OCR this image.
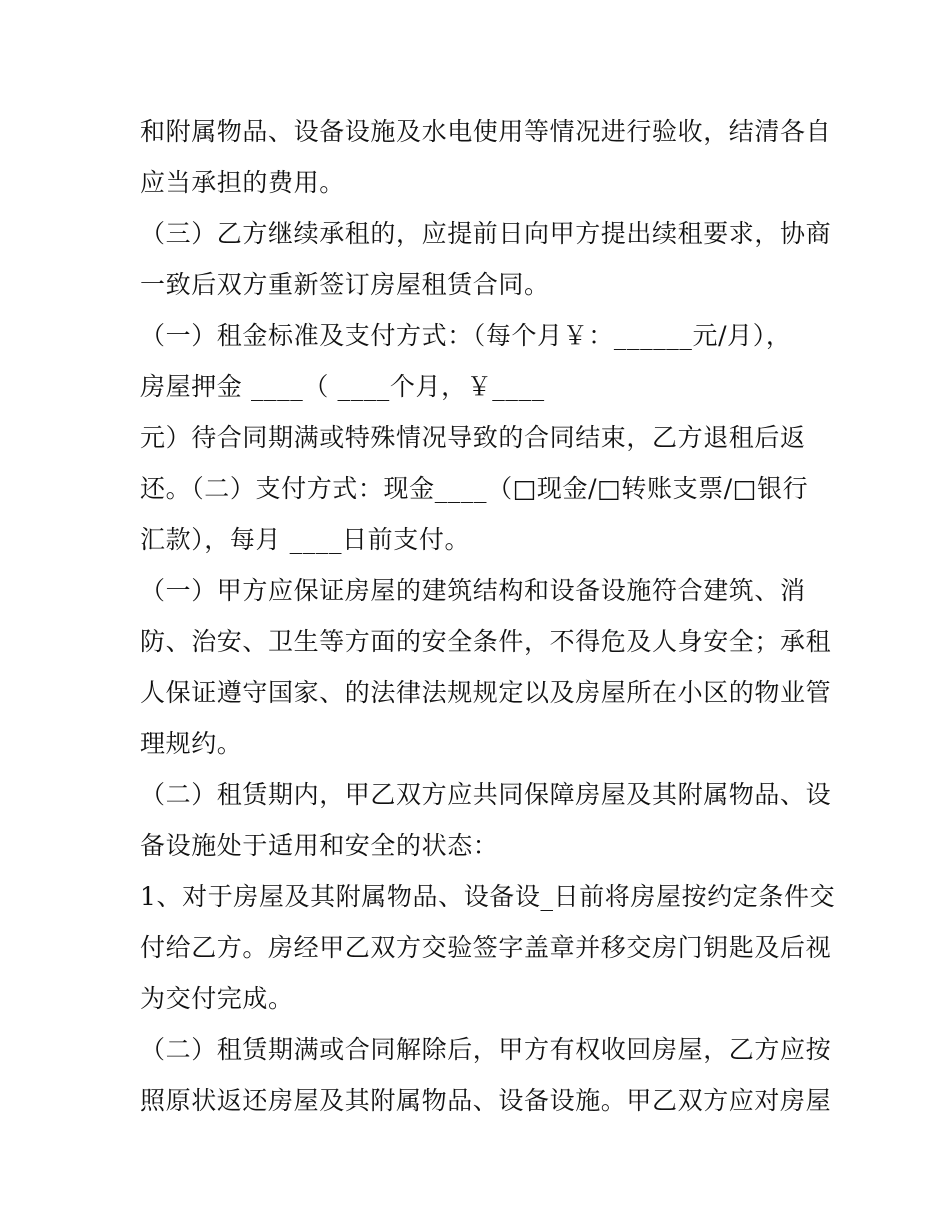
和附属物品、设备设施及水电使用等情况进行验收，结清各自
应当承担的费用。
（三）乙方继续承租的，应提前日向甲方提出续租要求，协商
一致后双方重新签订房屋租赁合同。
（一）租金标准及支付方式：（每个月￥：______元/月），
房屋押金 ____（ ____个月，￥____
元）待合同期满或特殊情况导致的合同结束，乙方退租后返
还。（二）支付方式：现金____（□现金/□转账支票/□银行
汇款），每月 ____日前支付。
（一）甲方应保证房屋的建筑结构和设备设施符合建筑、消
防、治安、卫生等方面的安全条件，不得危及人身安全；承租
人保证遵守国家、的法律法规规定以及房屋所在小区的物业管
理规约。
（二）租赁期内，甲乙双方应共同保障房屋及其附属物品、设
备设施处于适用和安全的状态：
1、对于房屋及其附属物品、设备设_日前将房屋按约定条件交
付给乙方。房经甲乙双方交验签字盖章并移交房门钥匙及后视
为交付完成。
（二）租赁期满或合同解除后，甲方有权收回房屋，乙方应按
照原状返还房屋及其附属物品、设备设施。甲乙双方应对房屋
